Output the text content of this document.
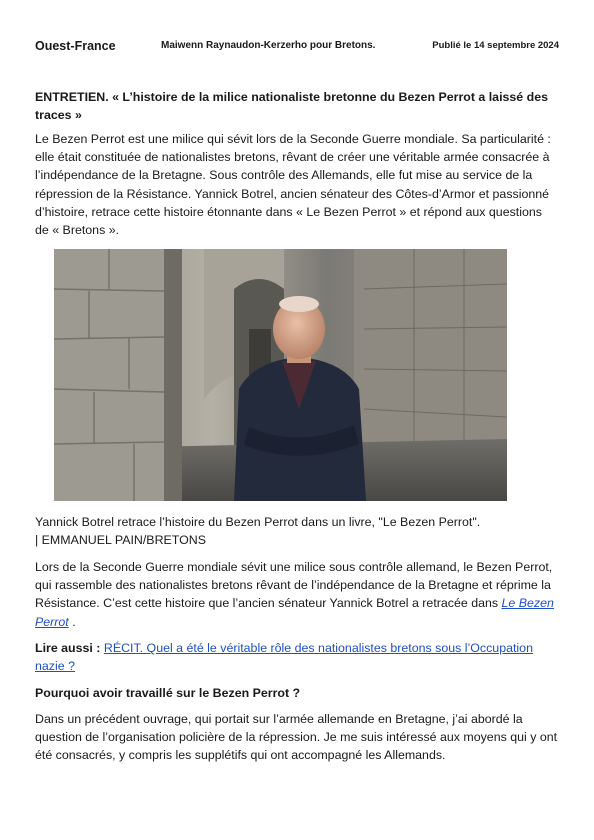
Ouest-France	Maiwenn Raynaudon-Kerzerho pour Bretons.	Publié le 14 septembre 2024

ENTRETIEN. « L’histoire de la milice nationaliste bretonne du Bezen Perrot a laissé des traces »

Le Bezen Perrot est une milice qui sévit lors de la Seconde Guerre mondiale. Sa particularité : elle était constituée de nationalistes bretons, rêvant de créer une véritable armée consacrée à l’indépendance de la Bretagne. Sous contrôle des Allemands, elle fut mise au service de la répression de la Résistance. Yannick Botrel, ancien sénateur des Côtes-d’Armor et passionné d’histoire, retrace cette histoire étonnante dans « Le Bezen Perrot » et répond aux questions de « Bretons ».

Yannick Botrel retrace l’histoire du Bezen Perrot dans un livre, "Le Bezen Perrot".
| EMMANUEL PAIN/BRETONS

Lors de la Seconde Guerre mondiale sévit une milice sous contrôle allemand, le Bezen Perrot, qui rassemble des nationalistes bretons rêvant de l’indépendance de la Bretagne et réprime la Résistance. C’est cette histoire que l’ancien sénateur Yannick Botrel a retracée dans Le Bezen Perrot .

Lire aussi : RÉCIT. Quel a été le véritable rôle des nationalistes bretons sous l’Occupation nazie ?

Pourquoi avoir travaillé sur le Bezen Perrot ?

Dans un précédent ouvrage, qui portait sur l’armée allemande en Bretagne, j’ai abordé la question de l’organisation policière de la répression. Je me suis intéressé aux moyens qui y ont été consacrés, y compris les supplétifs qui ont accompagné les Allemands.
